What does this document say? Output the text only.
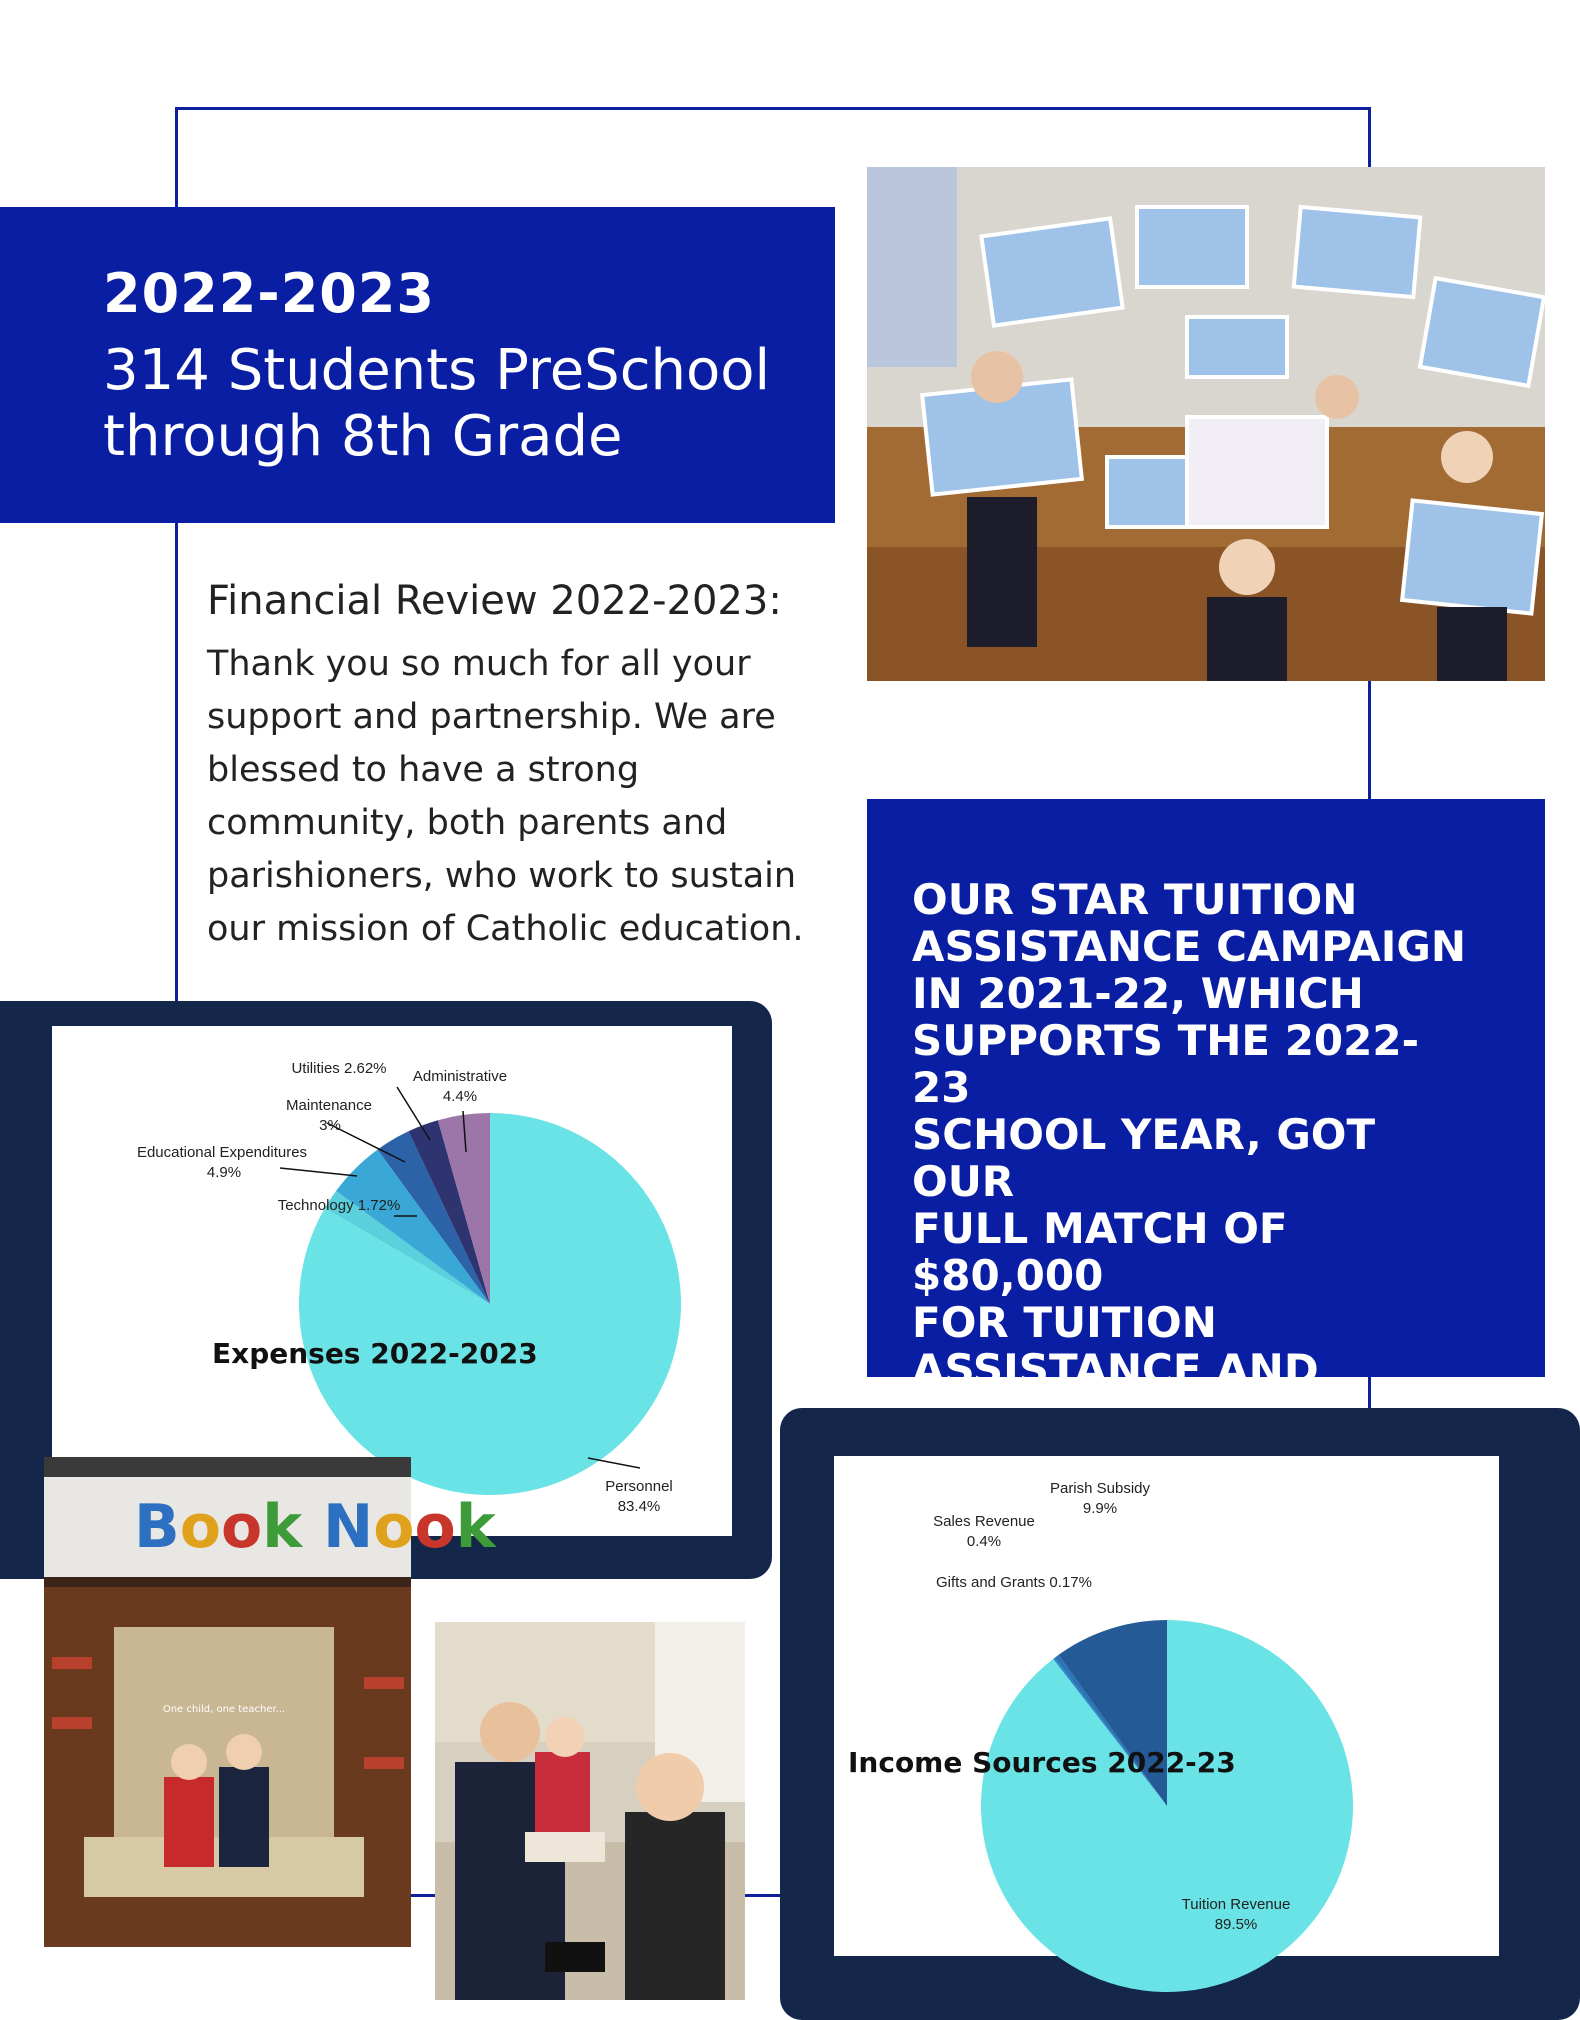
2022-2023
314 Students PreSchool
through 8th Grade
Financial Review 2022-2023:
Thank you so much for all your
support and partnership. We are
blessed to have a strong
community, both parents and
parishioners, who work to sustain
our mission of Catholic education.
OUR STAR TUITION
ASSISTANCE CAMPAIGN
IN 2021-22, WHICH
SUPPORTS THE 2022-23
SCHOOL YEAR, GOT OUR
FULL MATCH OF $80,000
FOR TUITION
ASSISTANCE AND
Personnel
83.4%
Technology 1.72%
Educational Expenditures
4.9%
Maintenance
3%
Utilities 2.62% Administrative
4.4%
Expenses 2022-2023
Tuition Revenue
89.5%
Gifts and Grants 0.17%
Sales Revenue
0.4%
Parish Subsidy
9.9%
Income Sources 2022-23
Book Nook
One child, one teacher...
